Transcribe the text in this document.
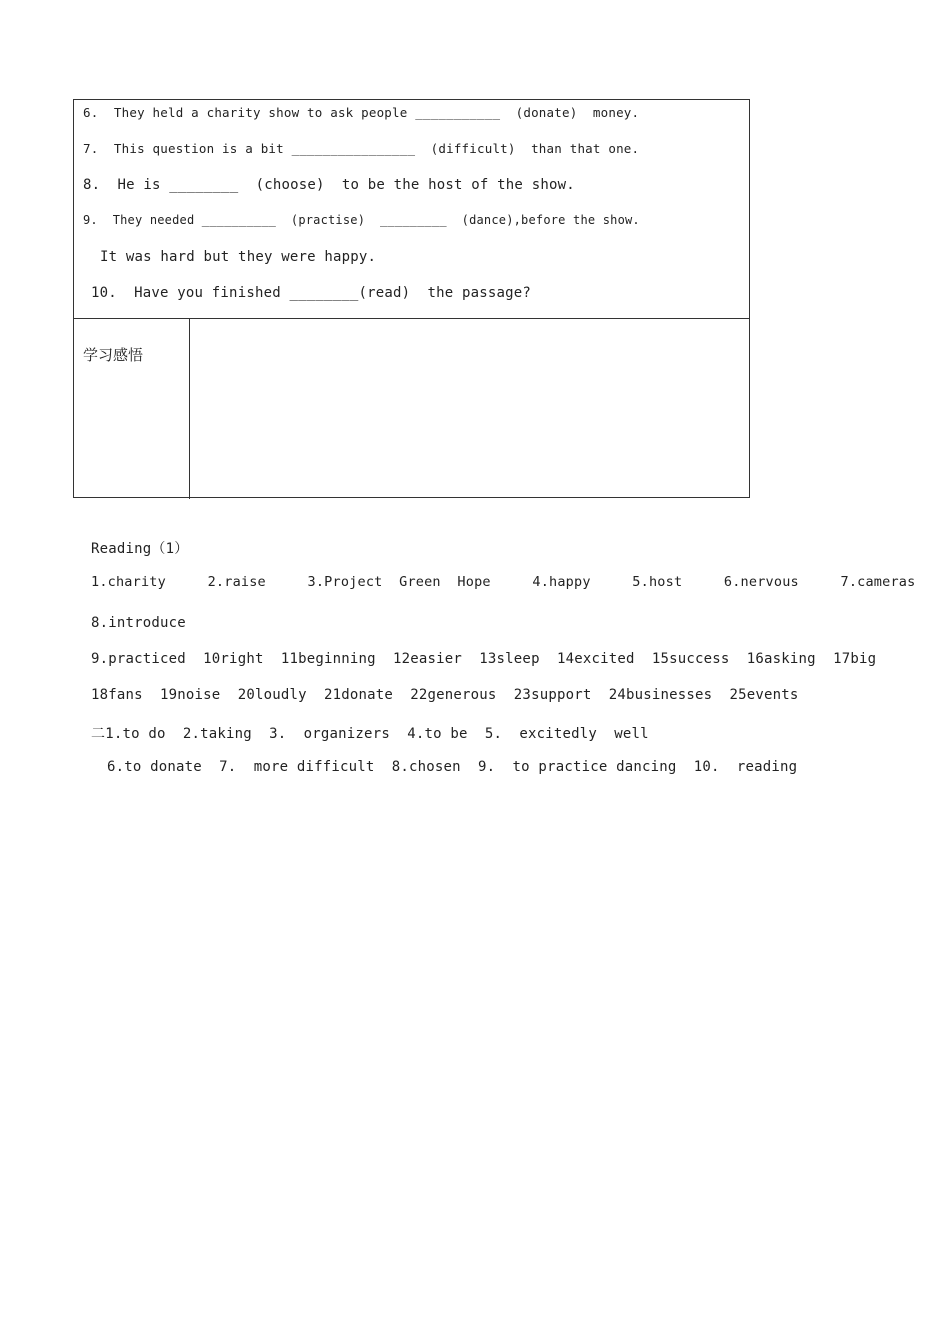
6.  They held a charity show to ask people ___________  (donate)  money.
7.  This question is a bit ________________  (difficult)  than that one.
8.  He is ________  (choose)  to be the host of the show.
9.  They needed __________  (practise)  _________  (dance),before the show.
It was hard but they were happy.
10.  Have you finished ________(read)  the passage?
学习感悟
Reading（1）
1.charity     2.raise     3.Project  Green  Hope     4.happy     5.host     6.nervous     7.cameras
8.introduce
9.practiced  10right  11beginning  12easier  13sleep  14excited  15success  16asking  17big
18fans  19noise  20loudly  21donate  22generous  23support  24businesses  25events
二1.to do  2.taking  3.  organizers  4.to be  5.  excitedly  well
6.to donate  7.  more difficult  8.chosen  9.  to practice dancing  10.  reading
